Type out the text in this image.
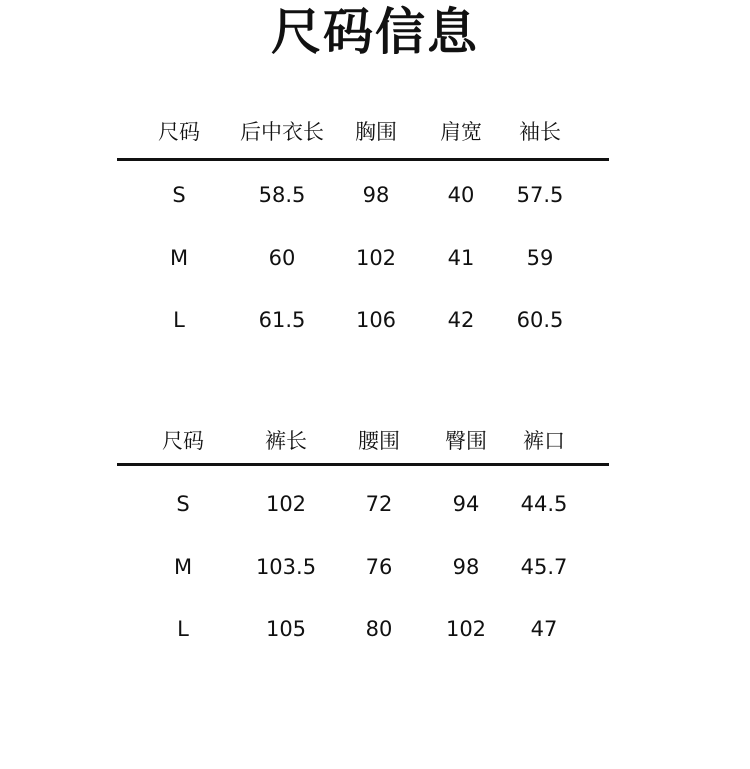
尺码信息
尺码	后中衣长	胸围	肩宽	袖长
S	58.5	98	40	57.5
M	60	102	41	59
L	61.5	106	42	60.5
尺码	裤长	腰围	臀围	裤口
S	102	72	94	44.5
M	103.5	76	98	45.7
L	105	80	102	47
